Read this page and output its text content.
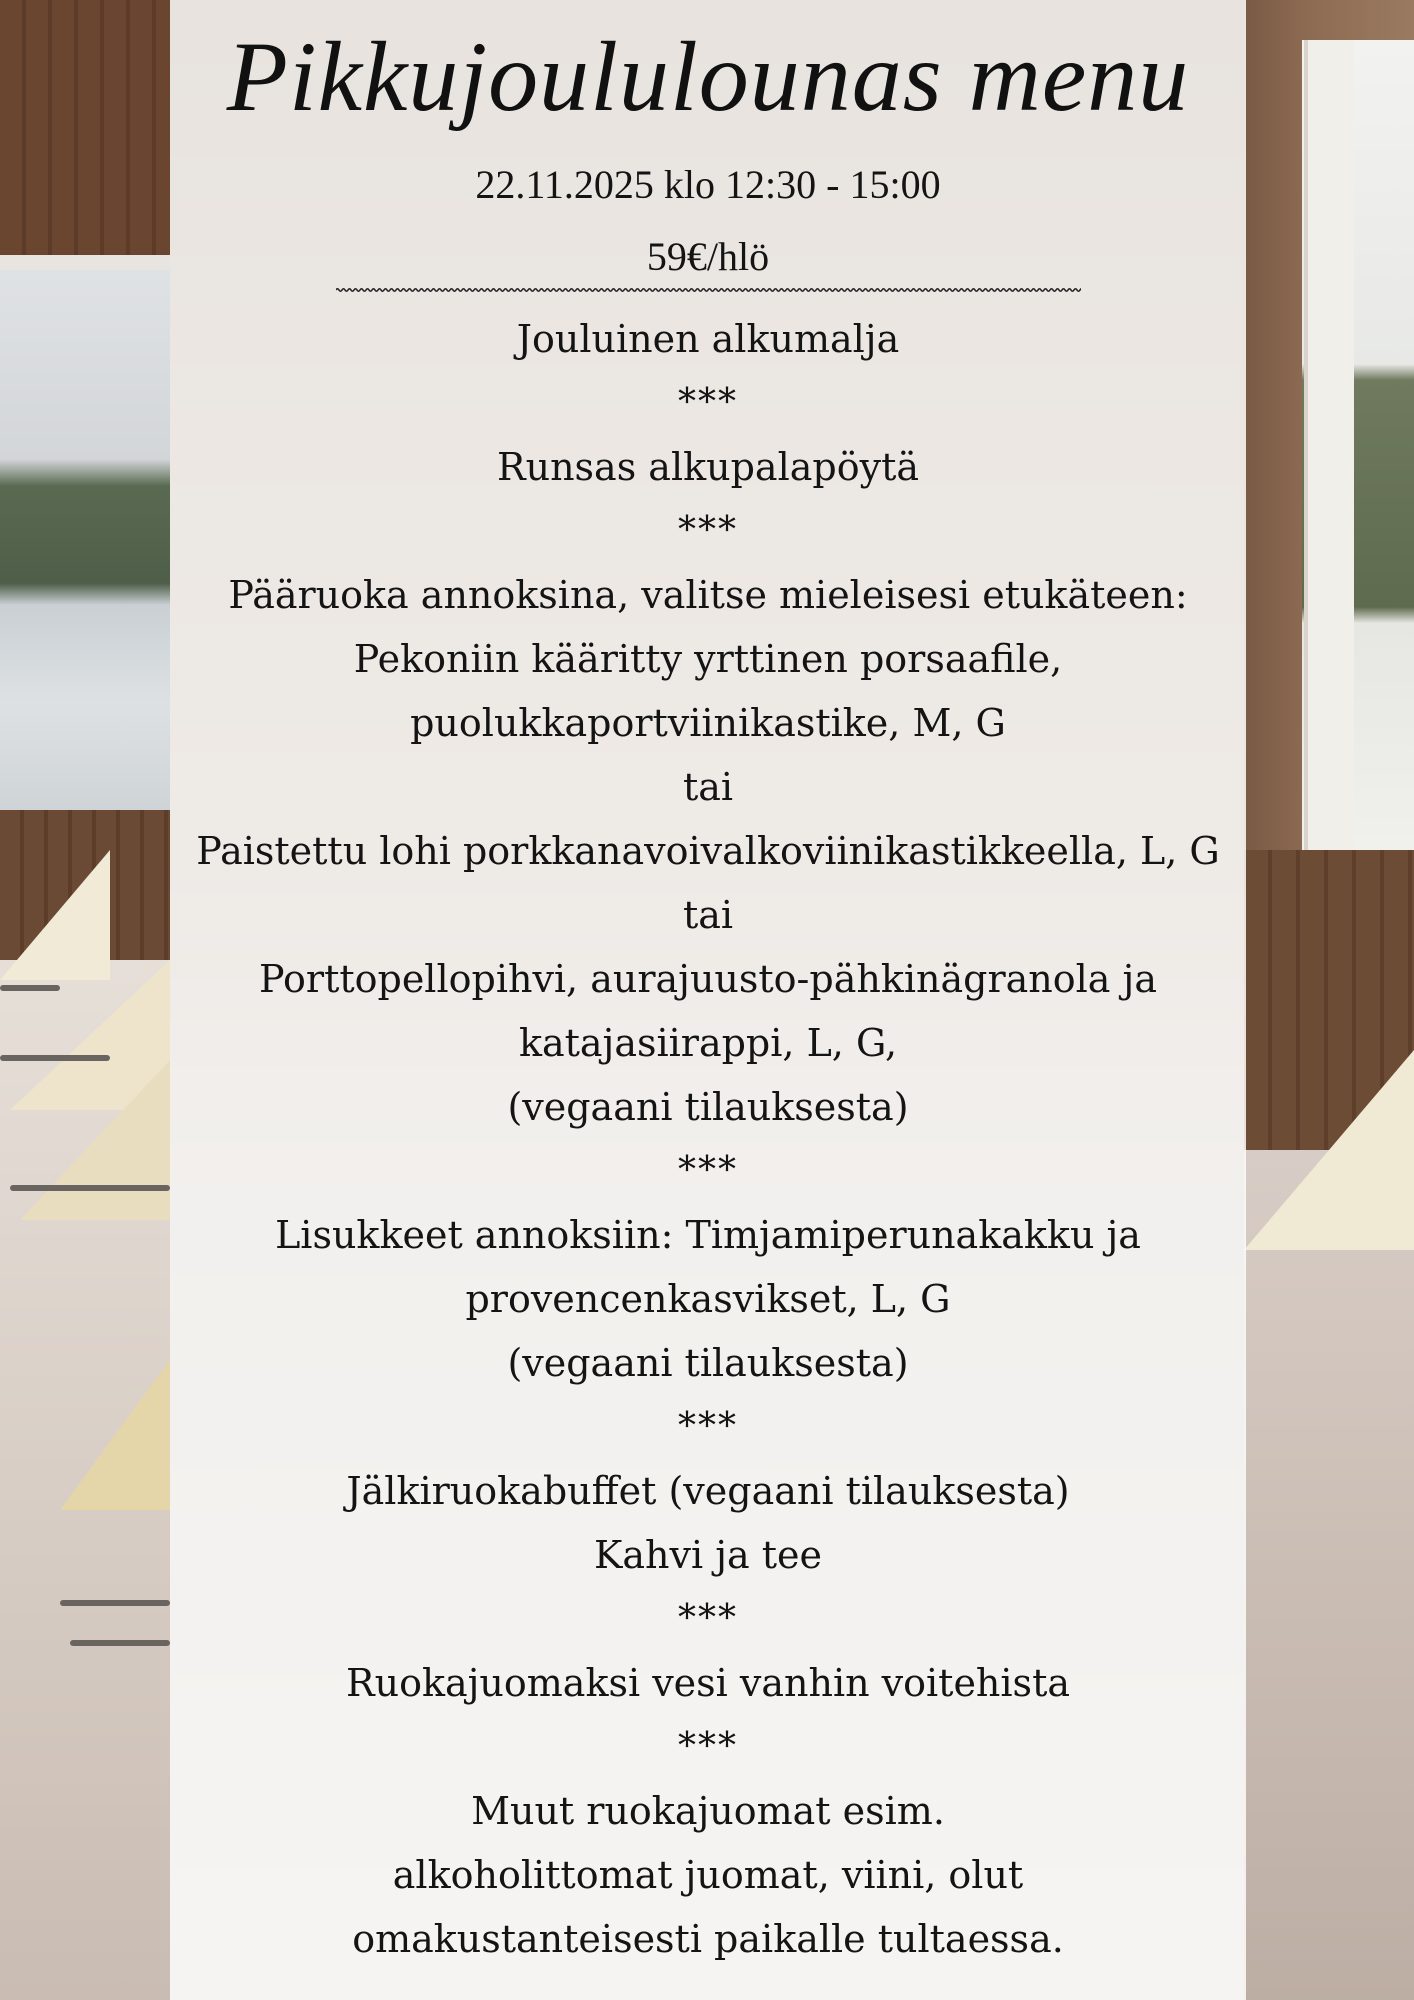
Pikkujoululounas menu

22.11.2025 klo 12:30 - 15:00

59€/hlö

Jouluinen alkumalja

***

Runsas alkupalapöytä

***

Pääruoka annoksina, valitse mieleisesi etukäteen:

Pekoniin kääritty yrttinen porsaafile,

puolukkaportviinikastike, M, G

tai

Paistettu lohi porkkanavoivalkoviinikastikkeella, L, G

tai

Porttopellopihvi, aurajuusto-pähkinägranola ja

katajasiirappi, L, G,

(vegaani tilauksesta)

***

Lisukkeet annoksiin: Timjamiperunakakku ja

provencenkasvikset, L, G

(vegaani tilauksesta)

***

Jälkiruokabuffet (vegaani tilauksesta)

Kahvi ja tee

***

Ruokajuomaksi vesi vanhin voitehista

***

Muut ruokajuomat esim.

alkoholittomat juomat, viini, olut

omakustanteisesti paikalle tultaessa.
